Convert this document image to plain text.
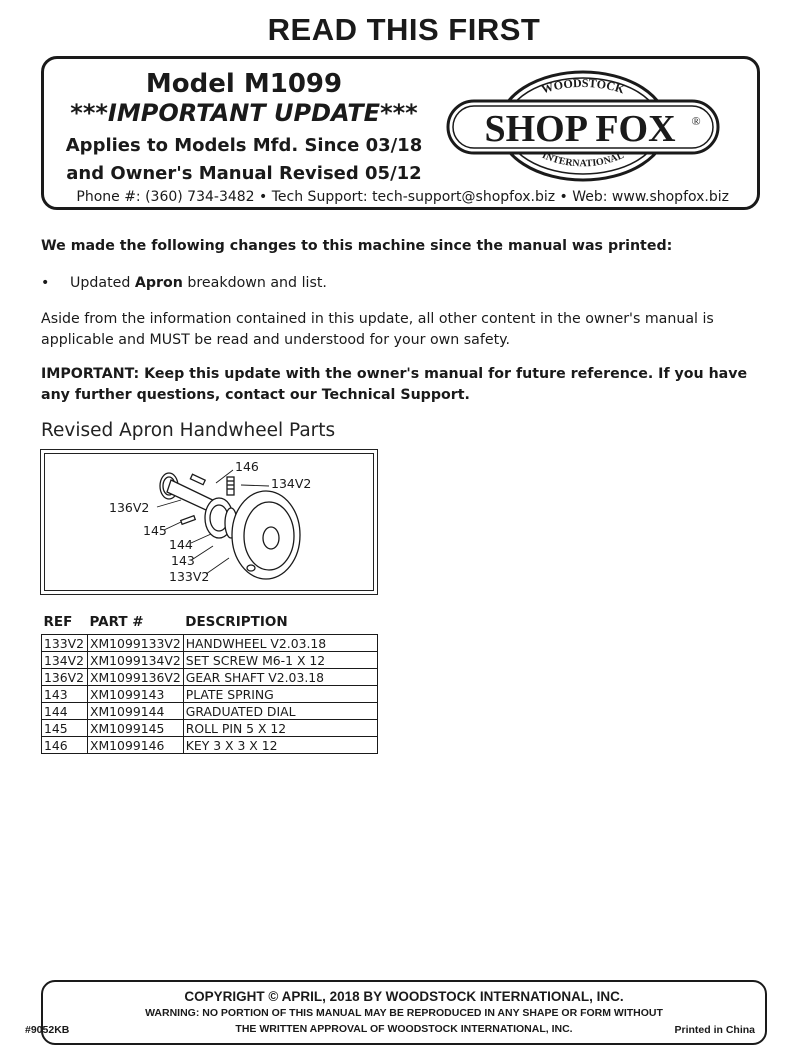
READ THIS FIRST
Model M1099
***IMPORTANT UPDATE***
Applies to Models Mfd. Since 03/18
and Owner's Manual Revised 05/12
WOODSTOCK
SHOP FOX ®
INTERNATIONAL
Phone #: (360) 734-3482 • Tech Support: tech-support@shopfox.biz • Web: www.shopfox.biz
We made the following changes to this machine since the manual was printed:
• Updated Apron breakdown and list.
Aside from the information contained in this update, all other content in the owner's manual is applicable and MUST be read and understood for your own safety.
IMPORTANT: Keep this update with the owner's manual for future reference. If you have any further questions, contact our Technical Support.
Revised Apron Handwheel Parts
146
134V2
136V2
145
144
143
133V2
REF	PART #	DESCRIPTION
133V2	XM1099133V2	HANDWHEEL V2.03.18
134V2	XM1099134V2	SET SCREW M6-1 X 12
136V2	XM1099136V2	GEAR SHAFT V2.03.18
143	XM1099143	PLATE SPRING
144	XM1099144	GRADUATED DIAL
145	XM1099145	ROLL PIN 5 X 12
146	XM1099146	KEY 3 X 3 X 12
COPYRIGHT © APRIL, 2018 BY WOODSTOCK INTERNATIONAL, INC.
WARNING: NO PORTION OF THIS MANUAL MAY BE REPRODUCED IN ANY SHAPE OR FORM WITHOUT
THE WRITTEN APPROVAL OF WOODSTOCK INTERNATIONAL, INC.
#9052KB	Printed in China
